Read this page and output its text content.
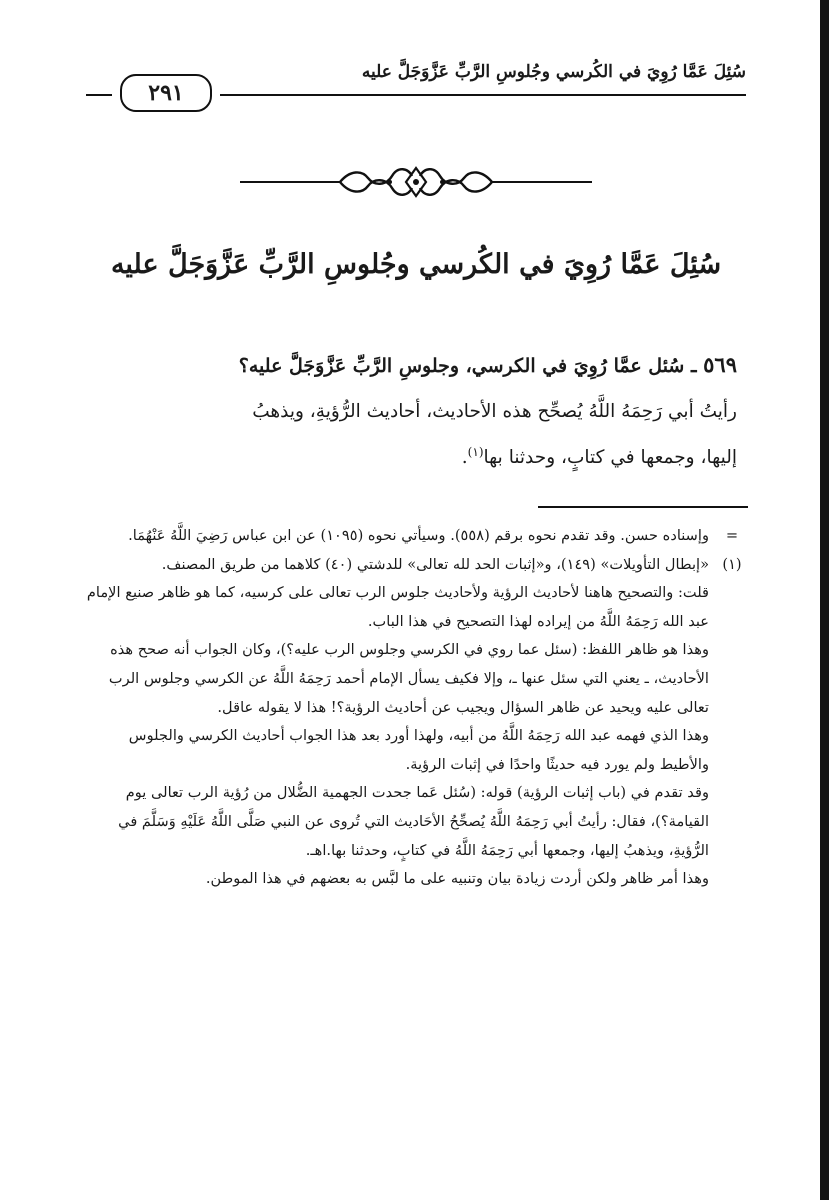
٢٩١
سُئِلَ عَمَّا رُوِيَ في الكُرسي وجُلوسِ الرَّبِّ عَزَّوَجَلَّ عليه
سُئِلَ عَمَّا رُوِيَ في الكُرسي وجُلوسِ الرَّبِّ عَزَّوَجَلَّ عليه
٥٦٩ ـ سُئل عمَّا رُوِيَ في الكرسي، وجلوسِ الرَّبِّ عَزَّوَجَلَّ عليه؟

رأيتُ أبي رَحِمَهُ اللَّهُ يُصحِّح هذه الأحاديث، أحاديث الرُّؤيةِ، ويذهبُ

إليها، وجمعها في كتابٍ، وحدثنا بها$^{(١)}$.

=

وإسناده حسن. وقد تقدم نحوه برقم (٥٥٨). وسيأتي نحوه (١٠٩٥) عن ابن عباس رَضِيَ اللَّهُ عَنْهُمَا.

(١)

«إبطال التأويلات» (١٤٩)، و«إثبات الحد لله تعالى» للدشتي (٤٠) كلاهما من طريق المصنف.

قلت: والتصحيح هاهنا لأحاديث الرؤية ولأحاديث جلوس الرب تعالى على كرسيه، كما هو ظاهر صنيع الإمام عبد الله رَحِمَهُ اللَّهُ من إيراده لهذا التصحيح في هذا الباب.

وهذا هو ظاهر اللفظ: (سئل عما روي في الكرسي وجلوس الرب عليه؟)، وكان الجواب أنه صحح هذه الأحاديث، ـ يعني التي سئل عنها ـ، وإلا فكيف يسأل الإمام أحمد رَحِمَهُ اللَّهُ عن الكرسي وجلوس الرب تعالى عليه ويحيد عن ظاهر السؤال ويجيب عن أحاديث الرؤية؟! هذا لا يقوله عاقل.

وهذا الذي فهمه عبد الله رَحِمَهُ اللَّهُ من أبيه، ولهذا أورد بعد هذا الجواب أحاديث الكرسي والجلوس والأطيط ولم يورد فيه حديثًا واحدًا في إثبات الرؤية.

وقد تقدم في (باب إثبات الرؤية) قوله: (سُئل عَما جحدت الجهمية الضُّلال من رُؤية الرب تعالى يوم القيامة؟)، فقال: رأيتُ أبي رَحِمَهُ اللَّهُ يُصحِّحُ الأحَاديث التي تُروى عن النبي صَلَّى اللَّهُ عَلَيْهِ وَسَلَّمَ في الرُّؤيةِ، ويذهبُ إليها، وجمعها أبي رَحِمَهُ اللَّهُ في كتابٍ، وحدثنا بها.اهـ.

وهذا أمر ظاهر ولكن أردت زيادة بيان وتنبيه على ما لبَّس به بعضهم في هذا الموطن.
